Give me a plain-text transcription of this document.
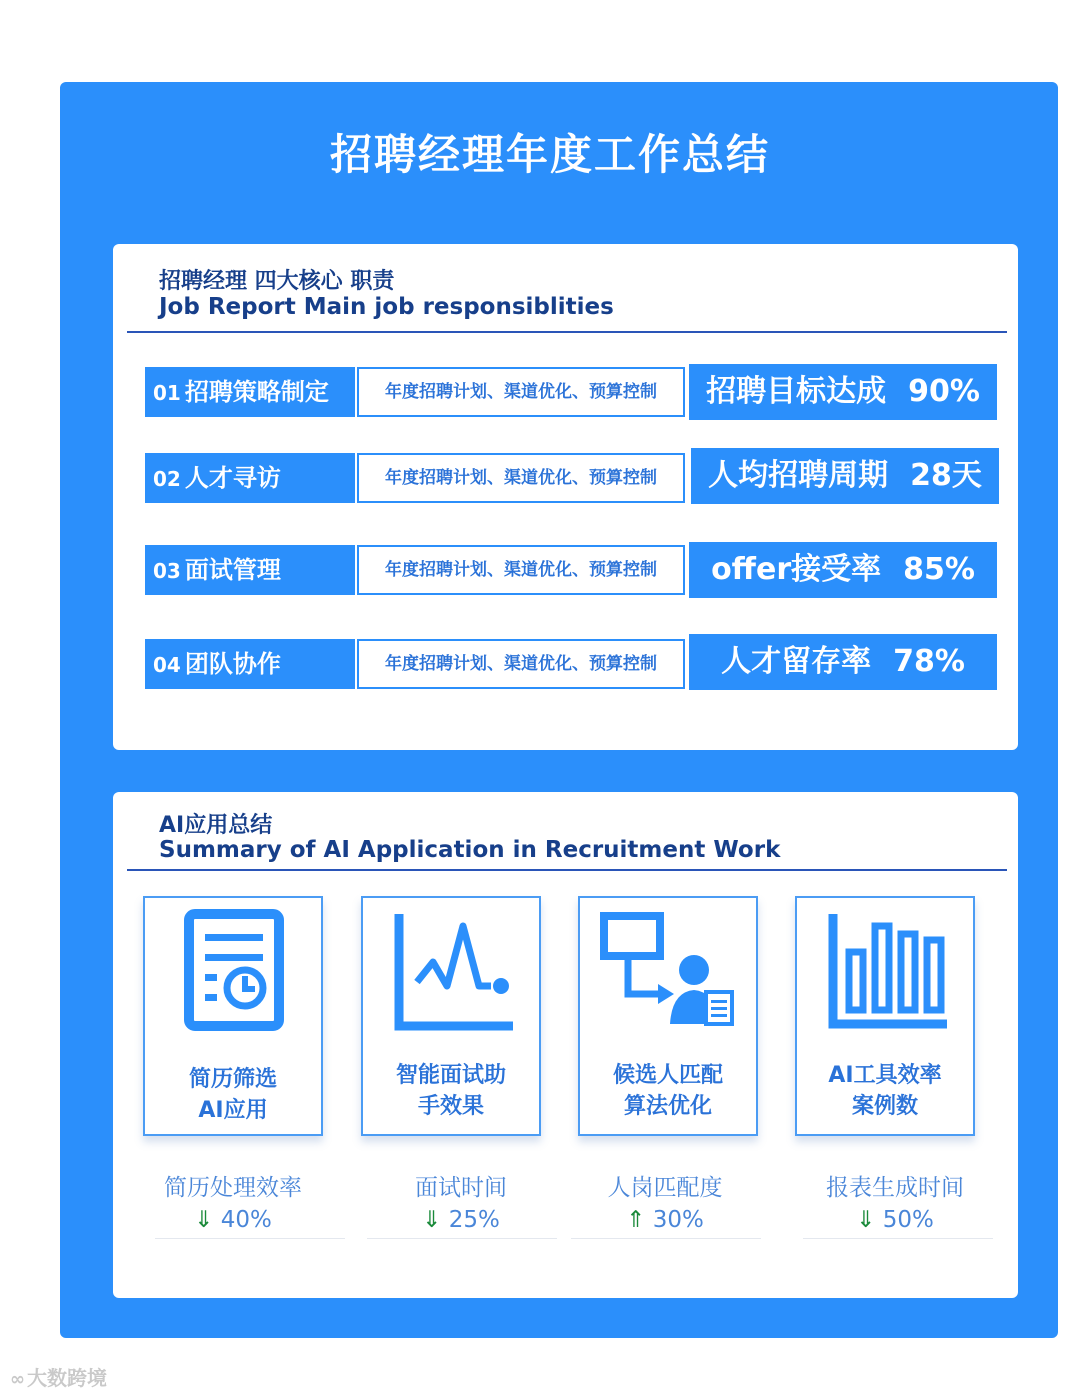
招聘经理年度工作总结
招聘经理 四大核心 职责
Job Report Main job responsiblities
01 招聘策略制定	年度招聘计划、渠道优化、预算控制	招聘目标达成 90%
02 人才寻访	年度招聘计划、渠道优化、预算控制	人均招聘周期 28天
03 面试管理	年度招聘计划、渠道优化、预算控制	offer接受率 85%
04 团队协作	年度招聘计划、渠道优化、预算控制	人才留存率 78%
AI应用总结
Summary of AI Application in Recruitment Work
简历筛选
AI应用
简历处理效率
⇓ 40%
智能面试助
手效果
面试时间
⇓ 25%
候选人匹配
算法优化
人岗匹配度
⇑ 30%
AI工具效率
案例数
报表生成时间
⇓ 50%
∞ 大数跨境
